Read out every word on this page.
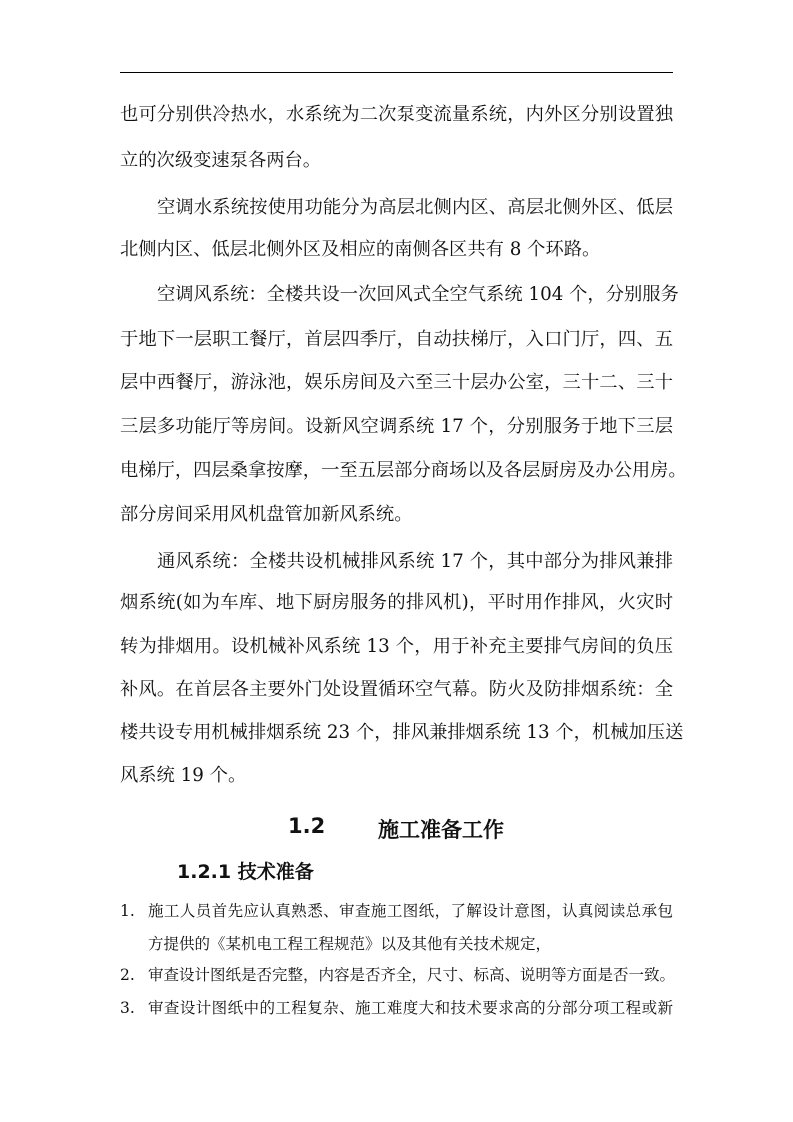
也可分别供冷热水，水系统为二次泵变流量系统，内外区分别设置独
立的次级变速泵各两台。
空调水系统按使用功能分为高层北侧内区、高层北侧外区、低层
北侧内区、低层北侧外区及相应的南侧各区共有 8 个环路。
空调风系统：全楼共设一次回风式全空气系统 104 个，分别服务
于地下一层职工餐厅，首层四季厅，自动扶梯厅，入口门厅，四、五
层中西餐厅，游泳池，娱乐房间及六至三十层办公室，三十二、三十
三层多功能厅等房间。设新风空调系统 17 个，分别服务于地下三层
电梯厅，四层桑拿按摩，一至五层部分商场以及各层厨房及办公用房。
部分房间采用风机盘管加新风系统。
通风系统：全楼共设机械排风系统 17 个，其中部分为排风兼排
烟系统(如为车库、地下厨房服务的排风机)，平时用作排风，火灾时
转为排烟用。设机械补风系统 13 个，用于补充主要排气房间的负压
补风。在首层各主要外门处设置循环空气幕。防火及防排烟系统：全
楼共设专用机械排烟系统 23 个，排风兼排烟系统 13 个，机械加压送
风系统 19 个。
1.2	施工准备工作
1.2.1 技术准备
1. 施工人员首先应认真熟悉、审查施工图纸，了解设计意图，认真阅读总承包
方提供的《某机电工程工程规范》以及其他有关技术规定，
2. 审查设计图纸是否完整，内容是否齐全，尺寸、标高、说明等方面是否一致。
3. 审查设计图纸中的工程复杂、施工难度大和技术要求高的分部分项工程或新
